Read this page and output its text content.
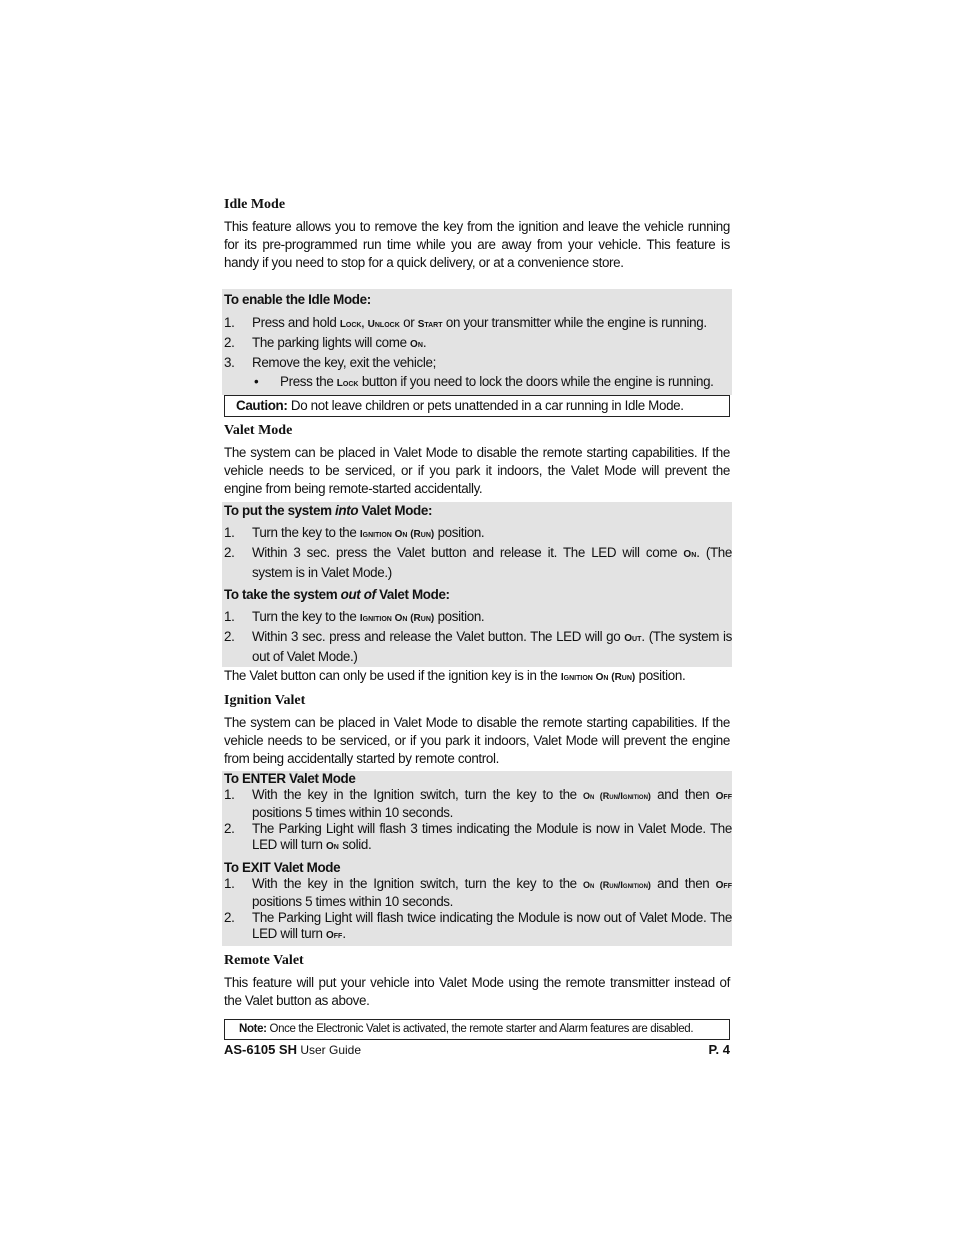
Idle Mode

This feature allows you to remove the key from the ignition and leave the vehicle running for its pre-programmed run time while you are away from your vehicle. This feature is handy if you need to stop for a quick delivery, or at a convenience store.

To enable the Idle Mode:

1. Press and hold Lock, Unlock or Start on your transmitter while the engine is running.
2. The parking lights will come On.
3. Remove the key, exit the vehicle;
• Press the Lock button if you need to lock the doors while the engine is running.
Caution: Do not leave children or pets unattended in a car running in Idle Mode.
Valet Mode

The system can be placed in Valet Mode to disable the remote starting capabilities. If the vehicle needs to be serviced, or if you park it indoors, the Valet Mode will prevent the engine from being remote-started accidentally.

To put the system into Valet Mode:

1. Turn the key to the Ignition On (Run) position.
2. Within 3 sec. press the Valet button and release it. The LED will come On. (The system is in Valet Mode.)

To take the system out of Valet Mode:

1. Turn the key to the Ignition On (Run) position.
2. Within 3 sec. press and release the Valet button. The LED will go Out. (The system is out of Valet Mode.)

The Valet button can only be used if the ignition key is in the Ignition On (Run) position.

Ignition Valet

The system can be placed in Valet Mode to disable the remote starting capabilities. If the vehicle needs to be serviced, or if you park it indoors, Valet Mode will prevent the engine from being accidentally started by remote control.

To ENTER Valet Mode

1. With the key in the Ignition switch, turn the key to the On (Run/Ignition) and then Off positions 5 times within 10 seconds.
2. The Parking Light will flash 3 times indicating the Module is now in Valet Mode. The LED will turn On solid.

To EXIT Valet Mode

1. With the key in the Ignition switch, turn the key to the On (Run/Ignition) and then Off positions 5 times within 10 seconds.
2. The Parking Light will flash twice indicating the Module is now out of Valet Mode. The LED will turn Off.
Remote Valet

This feature will put your vehicle into Valet Mode using the remote transmitter instead of the Valet button as above.

Note: Once the Electronic Valet is activated, the remote starter and Alarm features are disabled.

AS-6105 SH User Guide	P. 4
